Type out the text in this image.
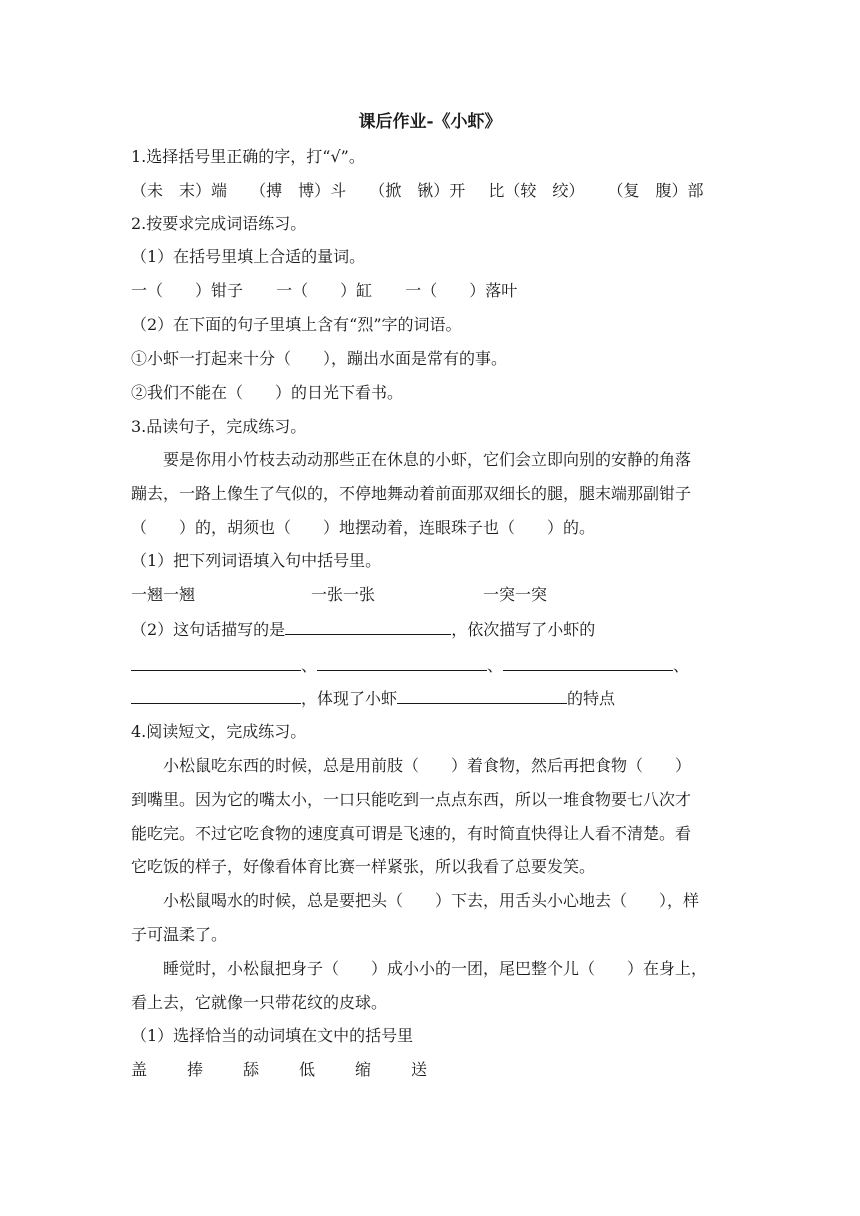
课后作业-《小虾》
1.选择括号里正确的字，打“√”。
（未　末）端 （搏　博）斗 （掀　锹）开 比（较　绞） （复　腹）部
2.按要求完成词语练习。
（1）在括号里填上合适的量词。
一（　　）钳子 一（　　）缸 一（　　）落叶
（2）在下面的句子里填上含有“烈”字的词语。
①小虾一打起来十分（　　），蹦出水面是常有的事。
②我们不能在（　　）的日光下看书。
3.品读句子，完成练习。
要是你用小竹枝去动动那些正在休息的小虾，它们会立即向别的安静的角落
蹦去，一路上像生了气似的，不停地舞动着前面那双细长的腿，腿末端那副钳子
（　　）的，胡须也（　　）地摆动着，连眼珠子也（　　）的。
（1）把下列词语填入句中括号里。
一翘一翘	一张一张	一突一突
（2）这句话描写的是	，依次描写了小虾的
、	、	、
，体现了小虾	的特点
4.阅读短文，完成练习。
小松鼠吃东西的时候，总是用前肢（　　）着食物，然后再把食物（　　）
到嘴里。因为它的嘴太小，一口只能吃到一点点东西，所以一堆食物要七八次才
能吃完。不过它吃食物的速度真可谓是飞速的，有时简直快得让人看不清楚。看
它吃饭的样子，好像看体育比赛一样紧张，所以我看了总要发笑。
小松鼠喝水的时候，总是要把头（　　）下去，用舌头小心地去（　　），样
子可温柔了。
睡觉时，小松鼠把身子（　　）成小小的一团，尾巴整个儿（　　）在身上，
看上去，它就像一只带花纹的皮球。
（1）选择恰当的动词填在文中的括号里
盖 捧 舔 低 缩 送
